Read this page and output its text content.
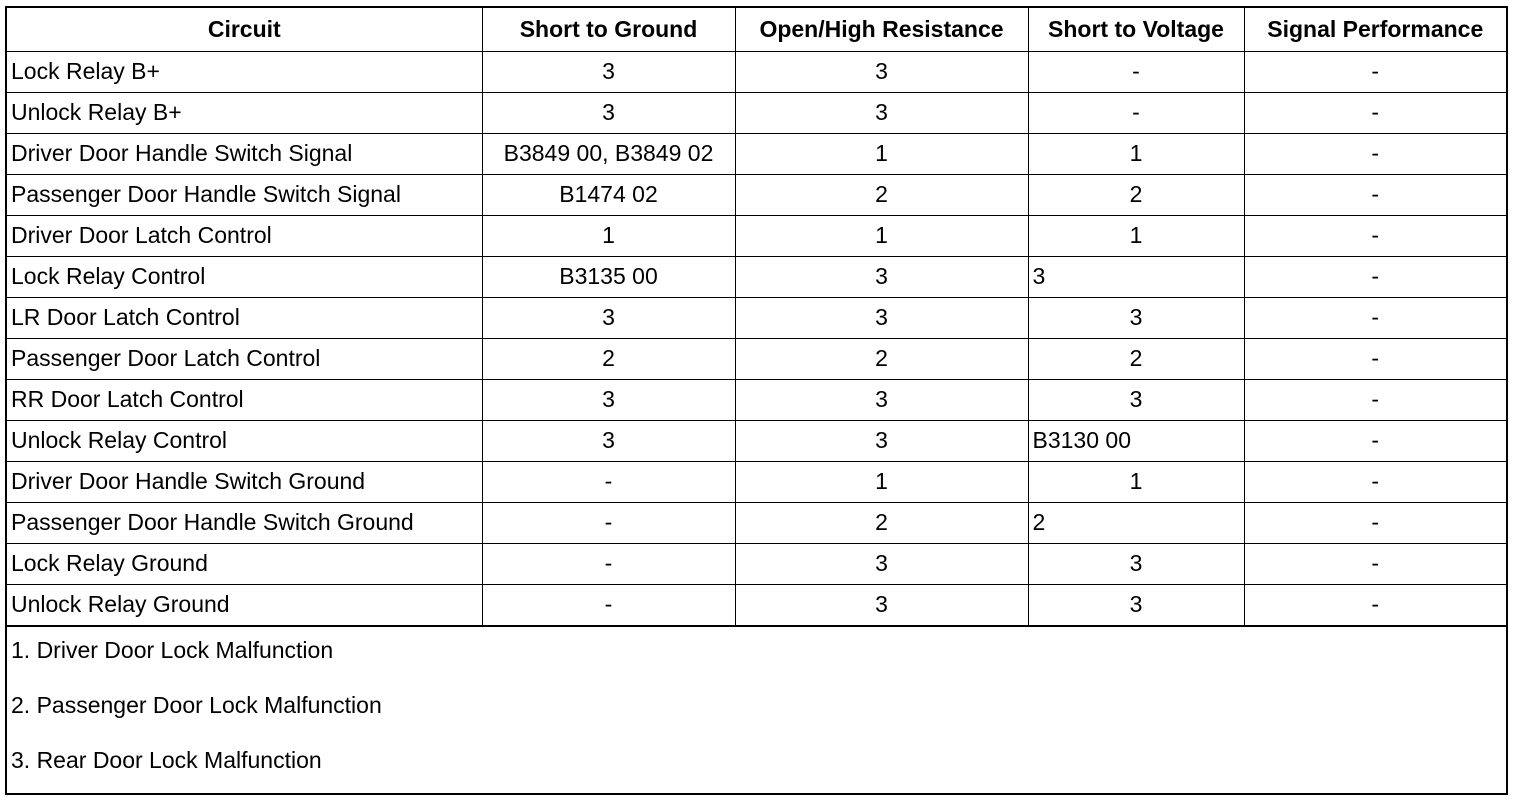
Circuit	Short to Ground	Open/High Resistance	Short to Voltage	Signal Performance
Lock Relay B+	3	3	-	-
Unlock Relay B+	3	3	-	-
Driver Door Handle Switch Signal	B3849 00, B3849 02	1	1	-
Passenger Door Handle Switch Signal	B1474 02	2	2	-
Driver Door Latch Control	1	1	1	-
Lock Relay Control	B3135 00	3	3	-
LR Door Latch Control	3	3	3	-
Passenger Door Latch Control	2	2	2	-
RR Door Latch Control	3	3	3	-
Unlock Relay Control	3	3	B3130 00	-
Driver Door Handle Switch Ground	-	1	1	-
Passenger Door Handle Switch Ground	-	2	2	-
Lock Relay Ground	-	3	3	-
Unlock Relay Ground	-	3	3	-
1. Driver Door Lock Malfunction
2. Passenger Door Lock Malfunction
3. Rear Door Lock Malfunction
